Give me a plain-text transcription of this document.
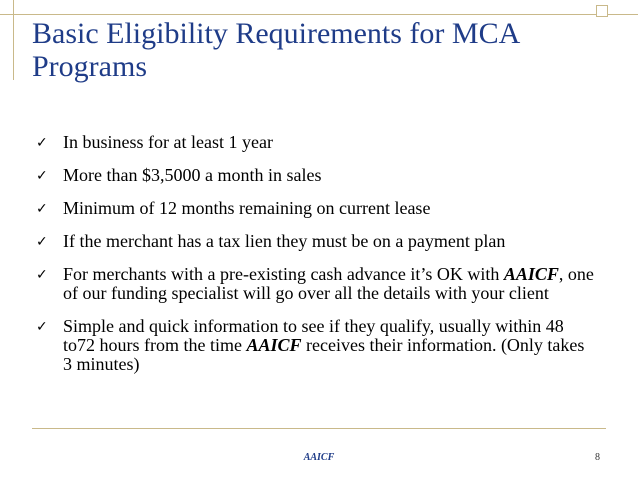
Basic Eligibility Requirements for MCA Programs
✓ In business for at least 1 year
✓ More than $3,5000 a month in sales
✓ Minimum of 12 months remaining on current lease
✓ If the merchant has a tax lien they must be on a payment plan
✓ For merchants with a pre-existing cash advance it’s OK with AAICF, one of our funding specialist will go over all the details with your client
✓ Simple and quick information to see if they qualify, usually within 48 to72 hours from the time AAICF receives their information. (Only takes 3 minutes)
AAICF	8
